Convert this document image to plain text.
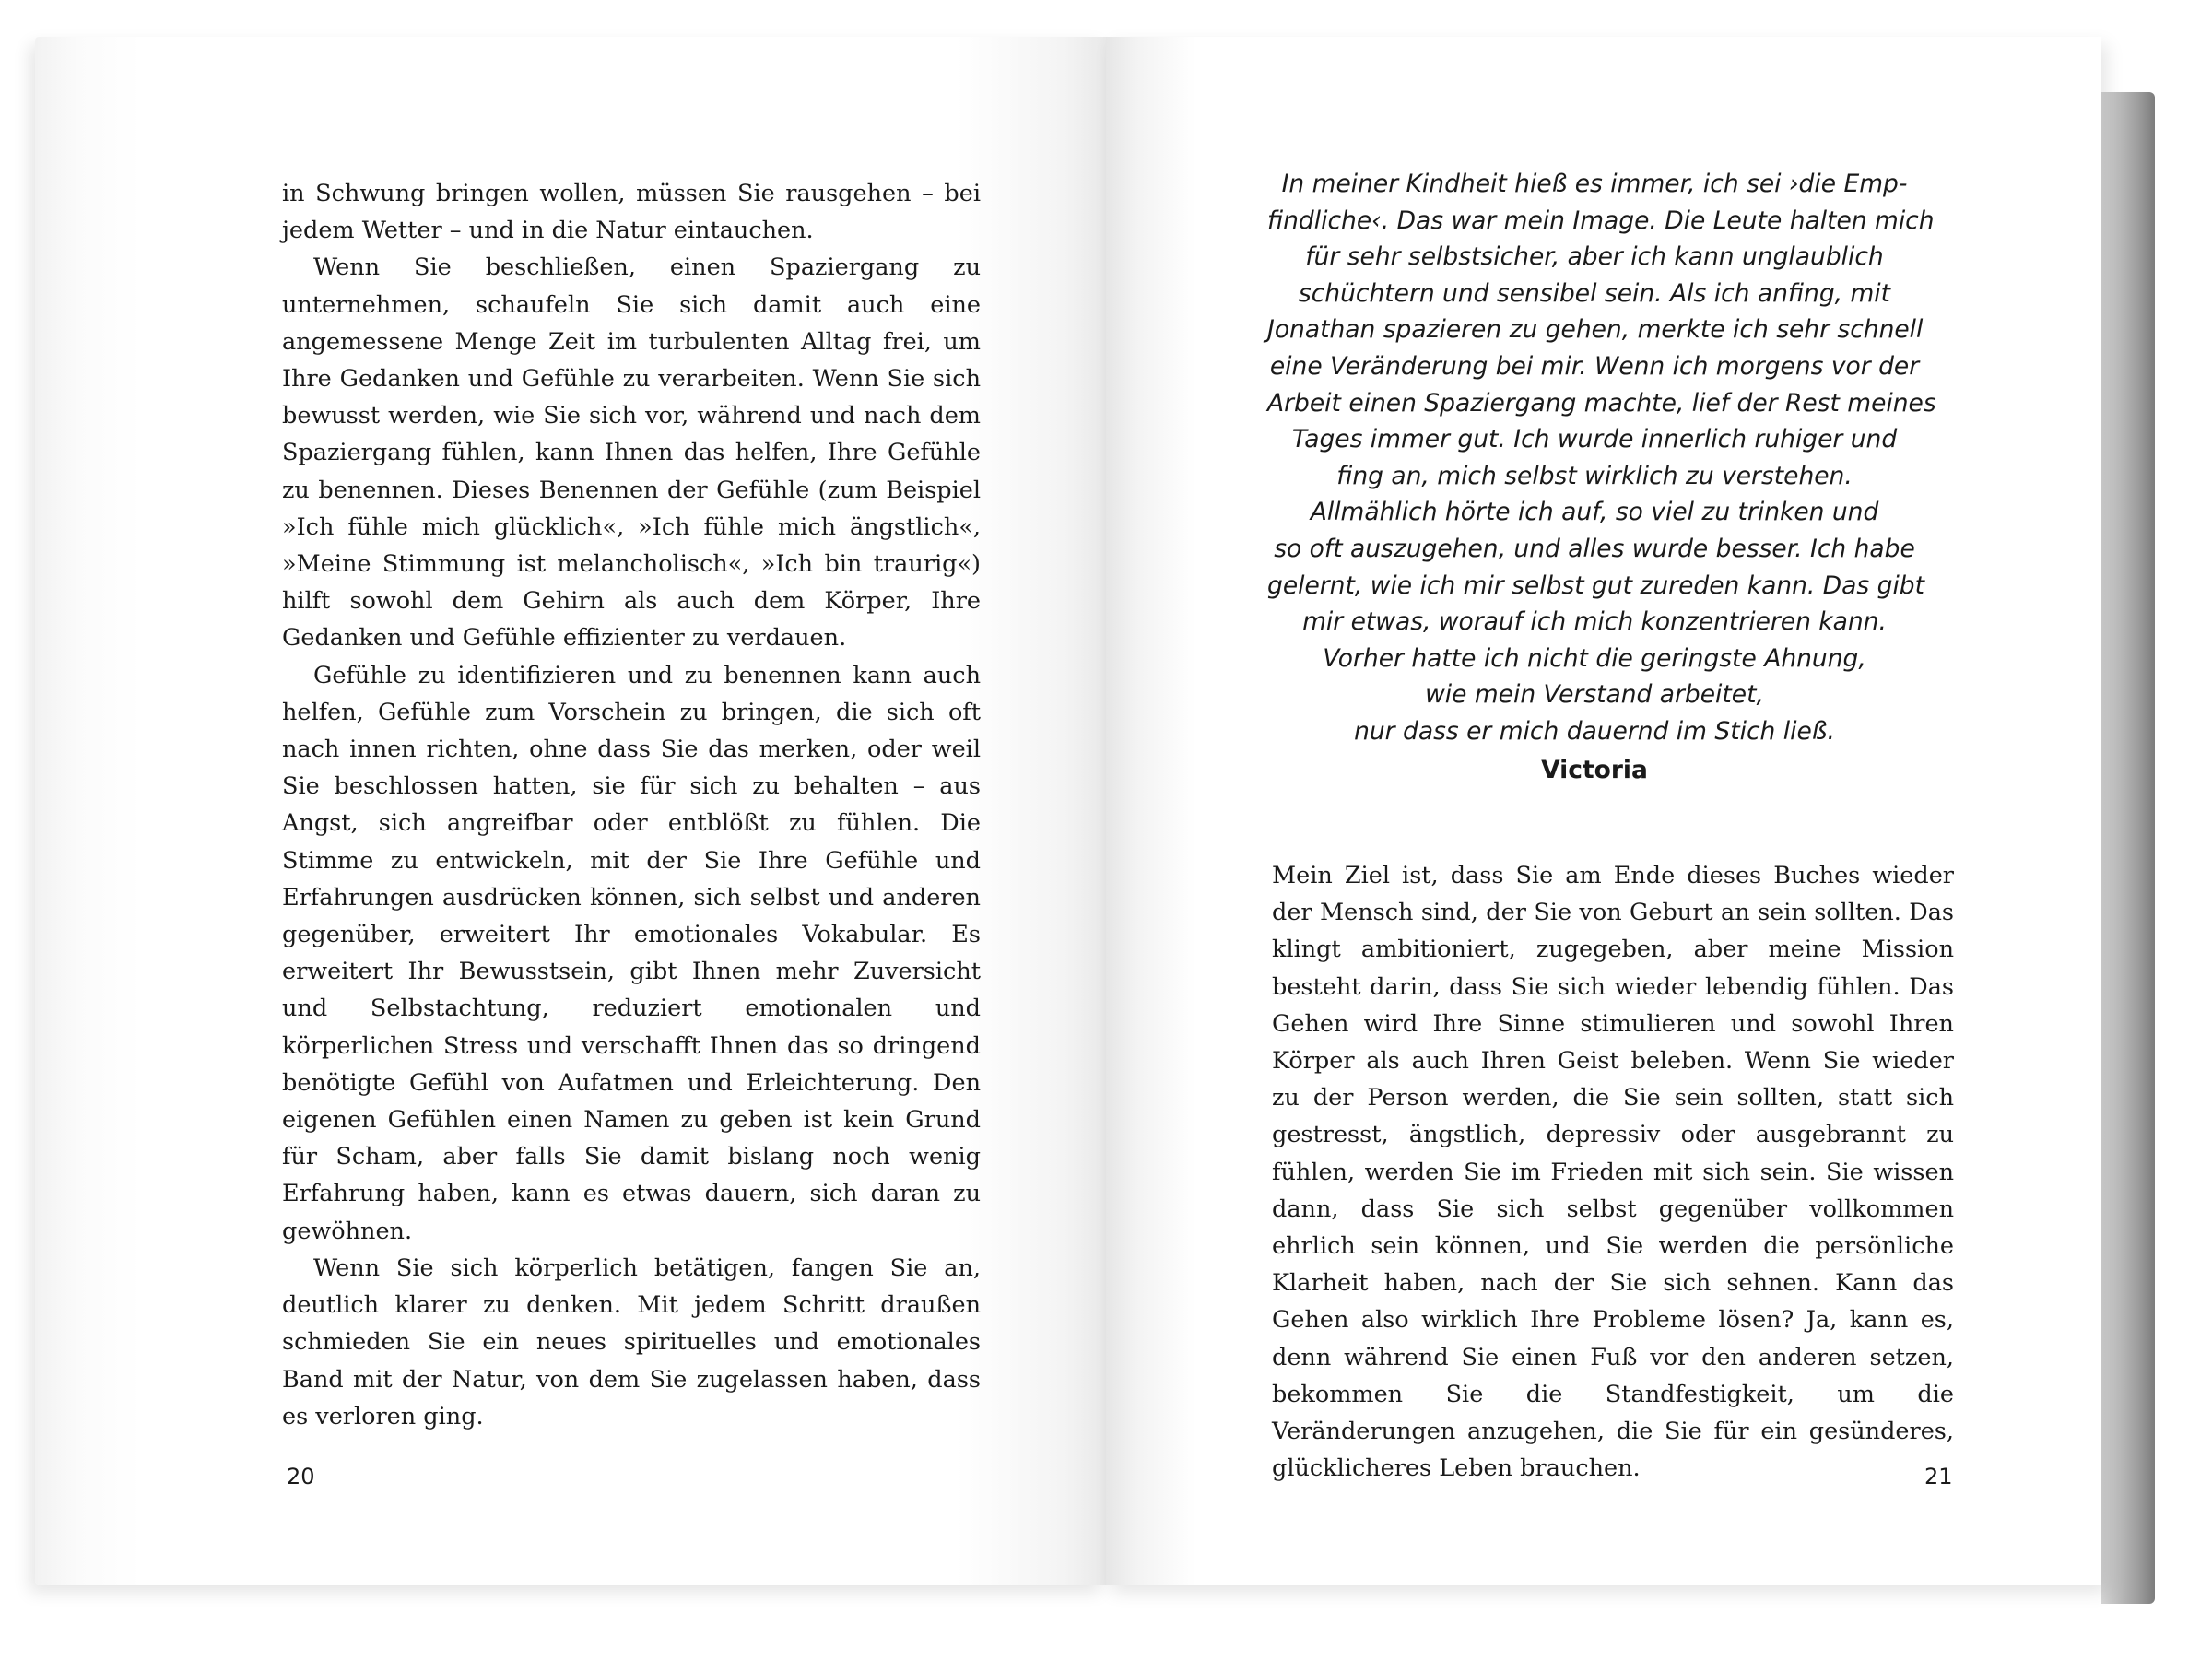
in Schwung bringen wollen, müssen Sie rausgehen – bei jedem Wetter – und in die Natur eintauchen.

Wenn Sie beschließen, einen Spaziergang zu unternehmen, schaufeln Sie sich damit auch eine angemessene Menge Zeit im turbulenten Alltag frei, um Ihre Gedanken und Gefühle zu verarbeiten. Wenn Sie sich bewusst werden, wie Sie sich vor, während und nach dem Spaziergang fühlen, kann Ihnen das helfen, Ihre Gefühle zu benennen. Dieses Benennen der Gefühle (zum Beispiel »Ich fühle mich glücklich«, »Ich fühle mich ängstlich«, »Meine Stimmung ist melancholisch«, »Ich bin traurig«) hilft sowohl dem Gehirn als auch dem Körper, Ihre Gedanken und Gefühle effizienter zu verdauen.

Gefühle zu identifizieren und zu benennen kann auch helfen, Gefühle zum Vorschein zu bringen, die sich oft nach innen richten, ohne dass Sie das merken, oder weil Sie beschlossen hatten, sie für sich zu behalten – aus Angst, sich angreifbar oder entblößt zu fühlen. Die Stimme zu entwickeln, mit der Sie Ihre Gefühle und Erfahrungen ausdrücken können, sich selbst und anderen gegenüber, erweitert Ihr emotionales Vokabular. Es erweitert Ihr Bewusstsein, gibt Ihnen mehr Zuversicht und Selbstachtung, reduziert emotionalen und körperlichen Stress und verschafft Ihnen das so dringend benötigte Gefühl von Aufatmen und Erleichterung. Den eigenen Gefühlen einen Namen zu geben ist kein Grund für Scham, aber falls Sie damit bislang noch wenig Erfahrung haben, kann es etwas dauern, sich daran zu gewöhnen.

Wenn Sie sich körperlich betätigen, fangen Sie an, deutlich klarer zu denken. Mit jedem Schritt draußen schmieden Sie ein neues spirituelles und emotionales Band mit der Natur, von dem Sie zugelassen haben, dass es verloren ging.

20
In meiner Kindheit hieß es immer, ich sei ›die Emp-
findliche‹. Das war mein Image. Die Leute halten mich
für sehr selbstsicher, aber ich kann unglaublich
schüchtern und sensibel sein. Als ich anfing, mit
Jonathan spazieren zu gehen, merkte ich sehr schnell
eine Veränderung bei mir. Wenn ich morgens vor der
Arbeit einen Spaziergang machte, lief der Rest meines
Tages immer gut. Ich wurde innerlich ruhiger und
fing an, mich selbst wirklich zu verstehen.
Allmählich hörte ich auf, so viel zu trinken und
so oft auszugehen, und alles wurde besser. Ich habe
gelernt, wie ich mir selbst gut zureden kann. Das gibt
mir etwas, worauf ich mich konzentrieren kann.
Vorher hatte ich nicht die geringste Ahnung,
wie mein Verstand arbeitet,
nur dass er mich dauernd im Stich ließ.
Victoria

Mein Ziel ist, dass Sie am Ende dieses Buches wieder der Mensch sind, der Sie von Geburt an sein sollten. Das klingt ambitioniert, zugegeben, aber meine Mission besteht darin, dass Sie sich wieder lebendig fühlen. Das Gehen wird Ihre Sinne stimulieren und sowohl Ihren Körper als auch Ihren Geist beleben. Wenn Sie wieder zu der Person werden, die Sie sein sollten, statt sich gestresst, ängstlich, depressiv oder ausgebrannt zu fühlen, werden Sie im Frieden mit sich sein. Sie wissen dann, dass Sie sich selbst gegenüber vollkommen ehrlich sein können, und Sie werden die persönliche Klarheit haben, nach der Sie sich sehnen. Kann das Gehen also wirklich Ihre Probleme lösen? Ja, kann es, denn während Sie einen Fuß vor den anderen setzen, bekommen Sie die Standfestigkeit, um die Veränderungen anzugehen, die Sie für ein gesünderes, glücklicheres Leben brauchen.	21
